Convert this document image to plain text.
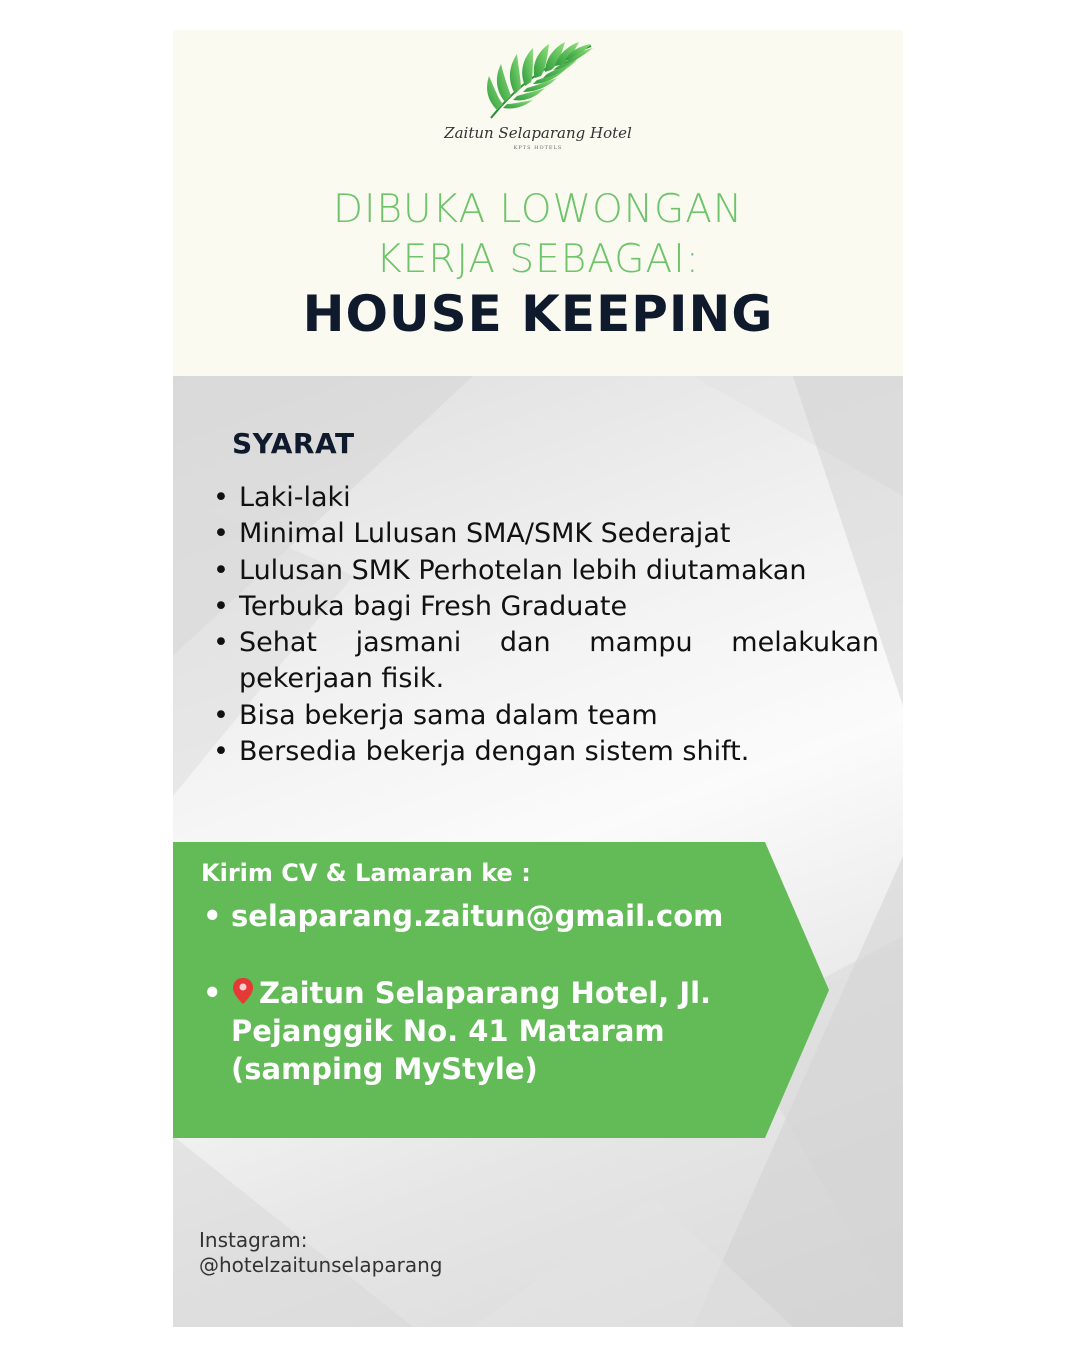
Zaitun Selaparang Hotel
KPTS HOTELS
DIBUKA LOWONGAN
KERJA SEBAGAI:
HOUSE KEEPING
SYARAT
• Laki-laki
• Minimal Lulusan SMA/SMK Sederajat
• Lulusan SMK Perhotelan lebih diutamakan
• Terbuka bagi Fresh Graduate
• Sehat jasmani dan mampu melakukan pekerjaan fisik.
• Bisa bekerja sama dalam team
• Bersedia bekerja dengan sistem shift.
Kirim CV & Lamaran ke :
• selaparang.zaitun@gmail.com
• Zaitun Selaparang Hotel, Jl. Pejanggik No. 41 Mataram (samping MyStyle)
Instagram:
@hotelzaitunselaparang
